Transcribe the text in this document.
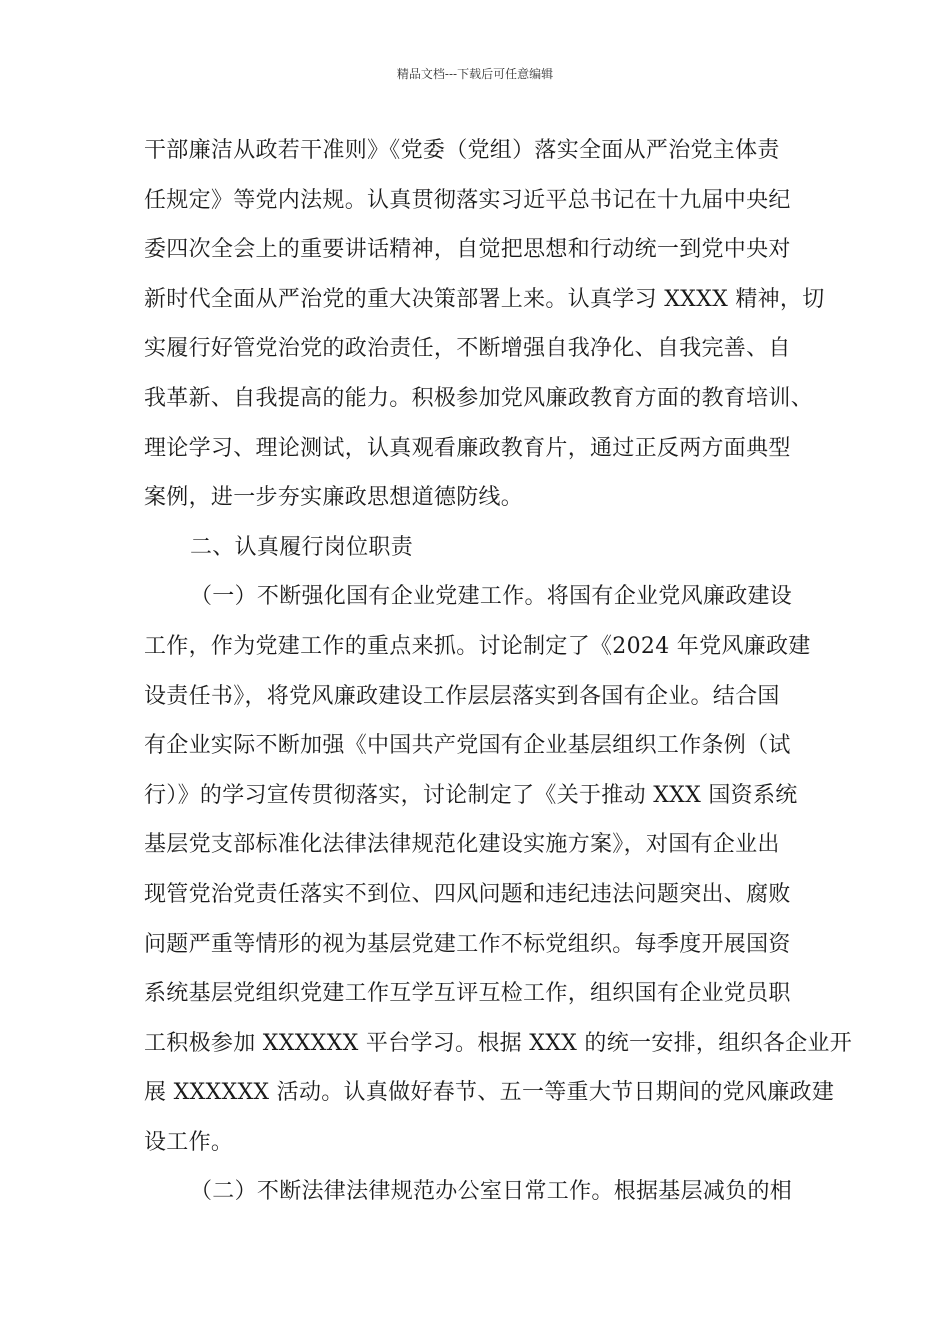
精品文档---下载后可任意编辑
干部廉洁从政若干准则》《党委（党组）落实全面从严治党主体责
任规定》等党内法规。认真贯彻落实习近平总书记在十九届中央纪
委四次全会上的重要讲话精神，自觉把思想和行动统一到党中央对
新时代全面从严治党的重大决策部署上来。认真学习 XXXX 精神，切
实履行好管党治党的政治责任，不断增强自我净化、自我完善、自
我革新、自我提高的能力。积极参加党风廉政教育方面的教育培训、
理论学习、理论测试，认真观看廉政教育片，通过正反两方面典型
案例，进一步夯实廉政思想道德防线。
二、认真履行岗位职责
（一）不断强化国有企业党建工作。将国有企业党风廉政建设
工作，作为党建工作的重点来抓。讨论制定了《2024 年党风廉政建
设责任书》，将党风廉政建设工作层层落实到各国有企业。结合国
有企业实际不断加强《中国共产党国有企业基层组织工作条例（试
行）》的学习宣传贯彻落实，讨论制定了《关于推动 XXX 国资系统
基层党支部标准化法律法律规范化建设实施方案》，对国有企业出
现管党治党责任落实不到位、四风问题和违纪违法问题突出、腐败
问题严重等情形的视为基层党建工作不标党组织。每季度开展国资
系统基层党组织党建工作互学互评互检工作，组织国有企业党员职
工积极参加 XXXXXX 平台学习。根据 XXX 的统一安排，组织各企业开
展 XXXXXX 活动。认真做好春节、五一等重大节日期间的党风廉政建
设工作。
（二）不断法律法律规范办公室日常工作。根据基层减负的相
